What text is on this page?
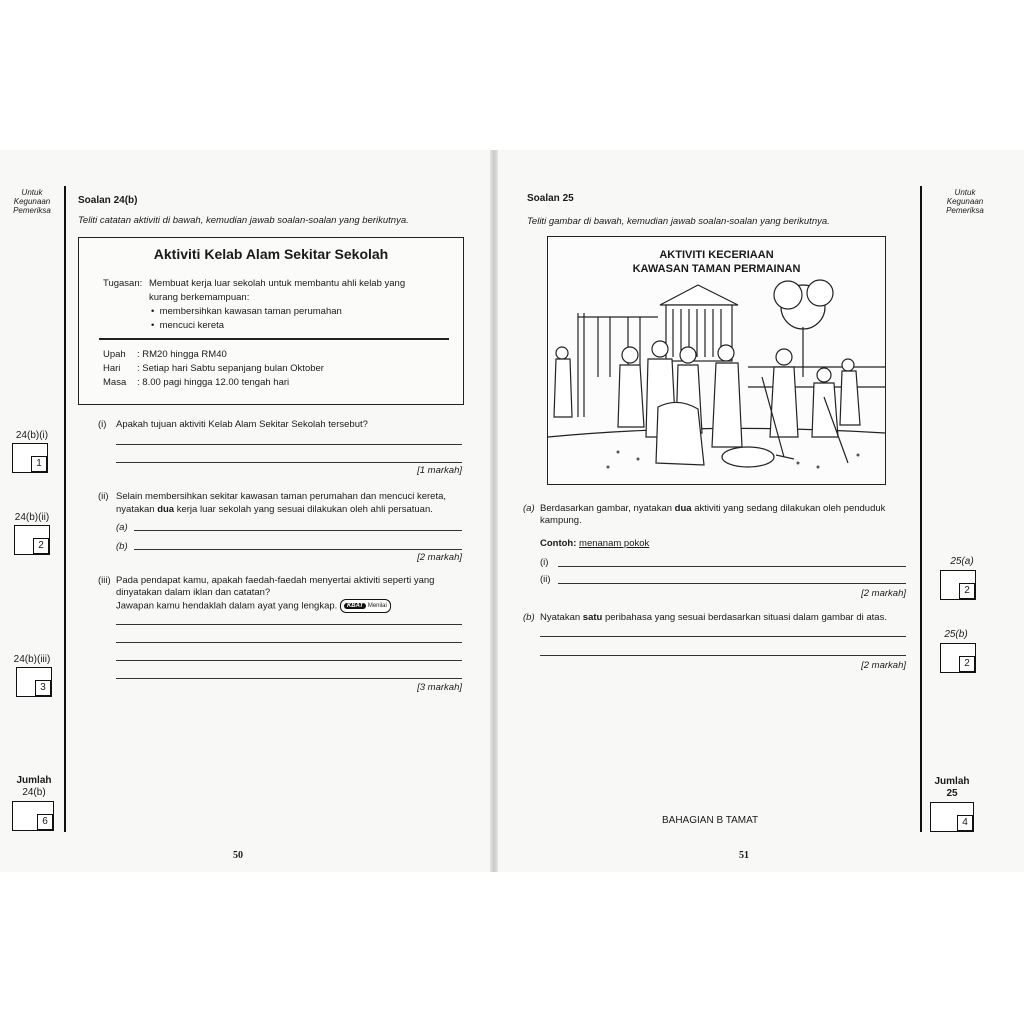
Untuk
Kegunaan
Pemeriksa
Soalan 24(b)
Teliti catatan aktiviti di bawah, kemudian jawab soalan-soalan yang berikutnya.
Aktiviti Kelab Alam Sekitar Sekolah
Tugasan: Membuat kerja luar sekolah untuk membantu ahli kelab yang
kurang berkemampuan:
•  membersihkan kawasan taman perumahan
•  mencuci kereta
Upah : RM20 hingga RM40
Hari : Setiap hari Sabtu sepanjang bulan Oktober
Masa : 8.00 pagi hingga 12.00 tengah hari
(i) Apakah tujuan aktiviti Kelab Alam Sekitar Sekolah tersebut?
[1 markah]
(ii) Selain membersihkan sekitar kawasan taman perumahan dan mencuci kereta,
nyatakan dua kerja luar sekolah yang sesuai dilakukan oleh ahli persatuan.
(a)
(b)
[2 markah]
(iii) Pada pendapat kamu, apakah faedah-faedah menyertai aktiviti seperti yang
dinyatakan dalam iklan dan catatan?
Jawapan kamu hendaklah dalam ayat yang lengkap. KBAT Menilai
[3 markah]
24(b)(i)
1
24(b)(ii)
2
24(b)(iii)
3
Jumlah
24(b)
6
50
Untuk
Kegunaan
Pemeriksa
Soalan 25
Teliti gambar di bawah, kemudian jawab soalan-soalan yang berikutnya.
AKTIVITI KECERIAAN
KAWASAN TAMAN PERMAINAN
(a) Berdasarkan gambar, nyatakan dua aktiviti yang sedang dilakukan oleh penduduk
kampung.
Contoh: menanam pokok
(i)
(ii)
[2 markah]
(b) Nyatakan satu peribahasa yang sesuai berdasarkan situasi dalam gambar di atas.
[2 markah]
BAHAGIAN B TAMAT
25(a)
2
25(b)
2
Jumlah
25
4
51
